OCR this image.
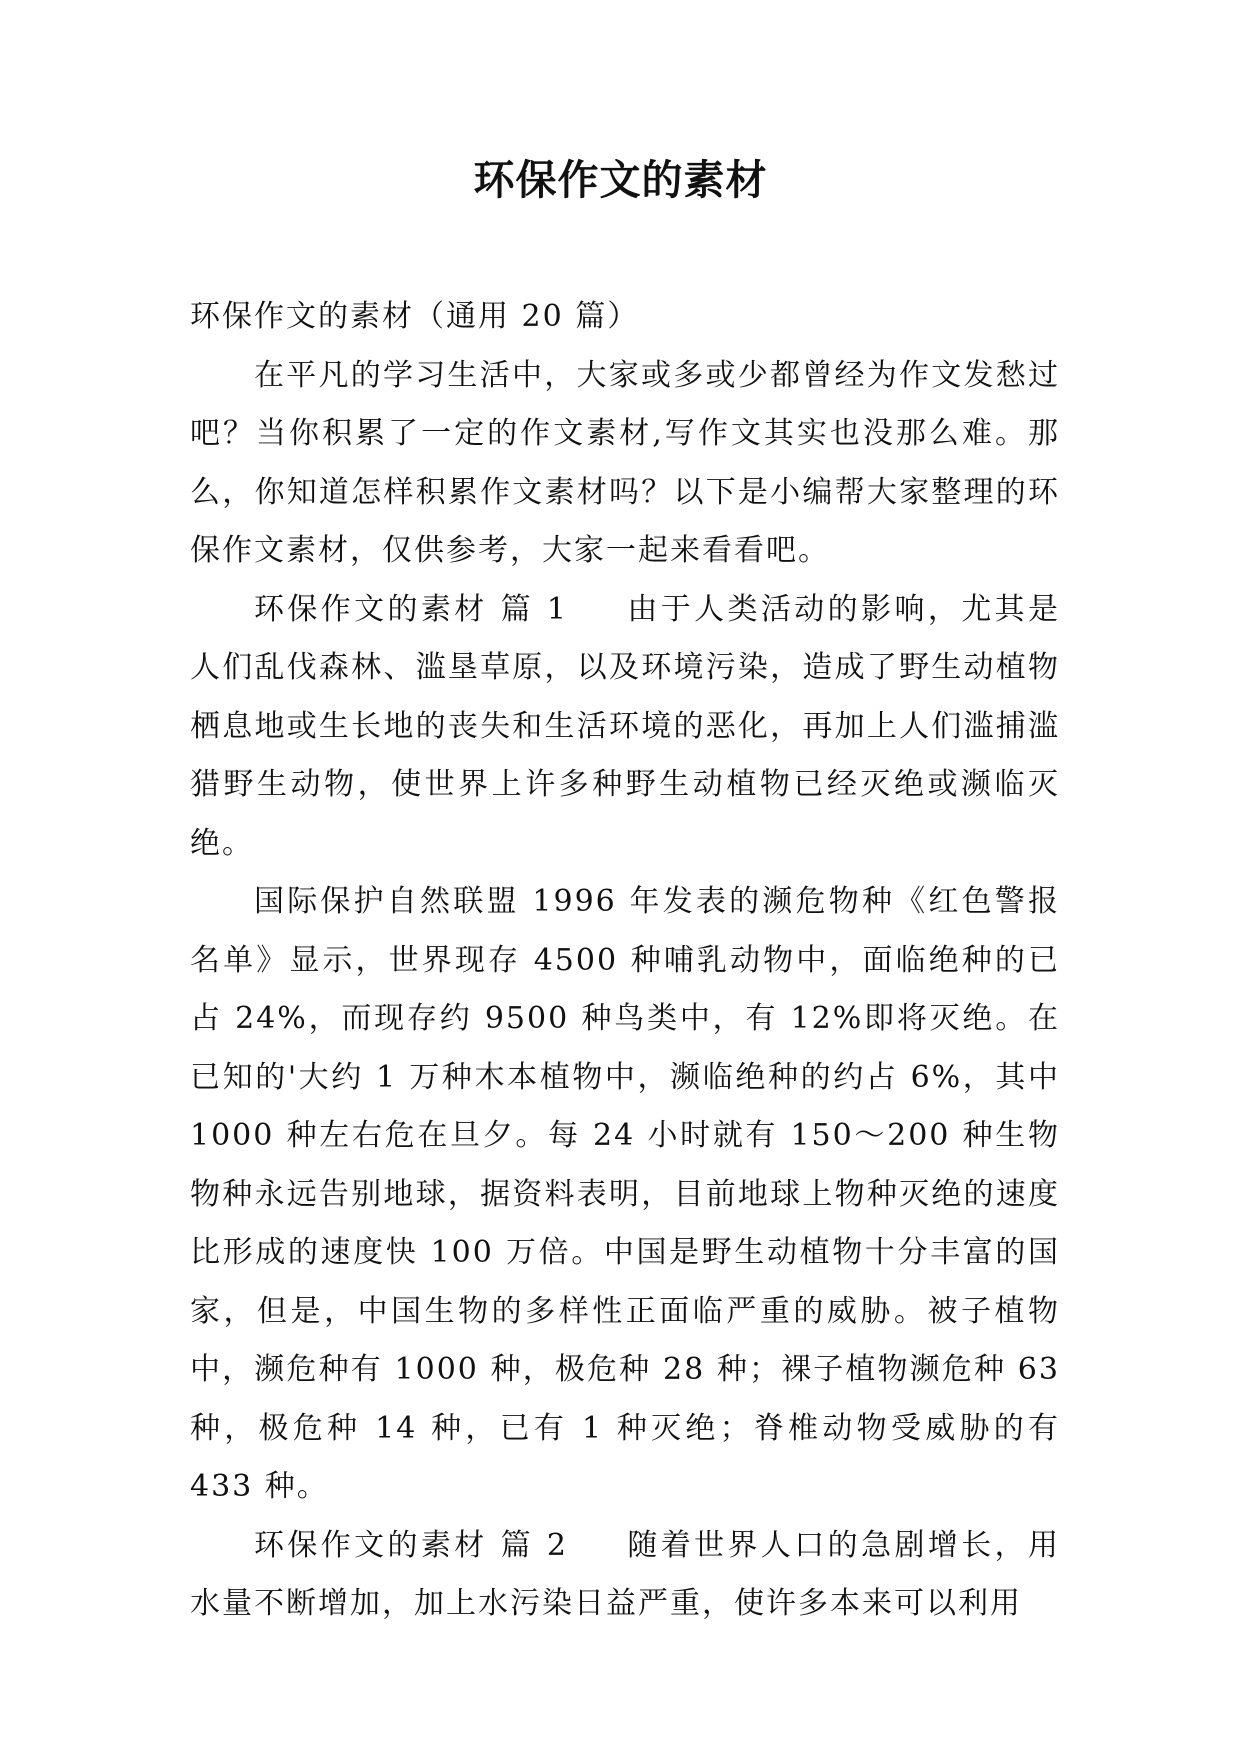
环保作文的素材

环保作文的素材（通用 20 篇）

在平凡的学习生活中，大家或多或少都曾经为作文发愁过吧？当你积累了一定的作文素材,写作文其实也没那么难。那么，你知道怎样积累作文素材吗？以下是小编帮大家整理的环保作文素材，仅供参考，大家一起来看看吧。

环保作文的素材 篇 1 由于人类活动的影响，尤其是人们乱伐森林、滥垦草原，以及环境污染，造成了野生动植物栖息地或生长地的丧失和生活环境的恶化，再加上人们滥捕滥猎野生动物，使世界上许多种野生动植物已经灭绝或濒临灭绝。

国际保护自然联盟 1996 年发表的濒危物种《红色警报名单》显示，世界现存 4500 种哺乳动物中，面临绝种的已占 24%，而现存约 9500 种鸟类中，有 12%即将灭绝。在已知的'大约 1 万种木本植物中，濒临绝种的约占 6%，其中 1000 种左右危在旦夕。每 24 小时就有 150～200 种生物物种永远告别地球，据资料表明，目前地球上物种灭绝的速度比形成的速度快 100 万倍。中国是野生动植物十分丰富的国家，但是，中国生物的多样性正面临严重的威胁。被子植物中，濒危种有 1000 种，极危种 28 种；裸子植物濒危种 63 种，极危种 14 种，已有 1 种灭绝；脊椎动物受威胁的有 433 种。

环保作文的素材 篇 2 随着世界人口的急剧增长，用水量不断增加，加上水污染日益严重，使许多本来可以利用
